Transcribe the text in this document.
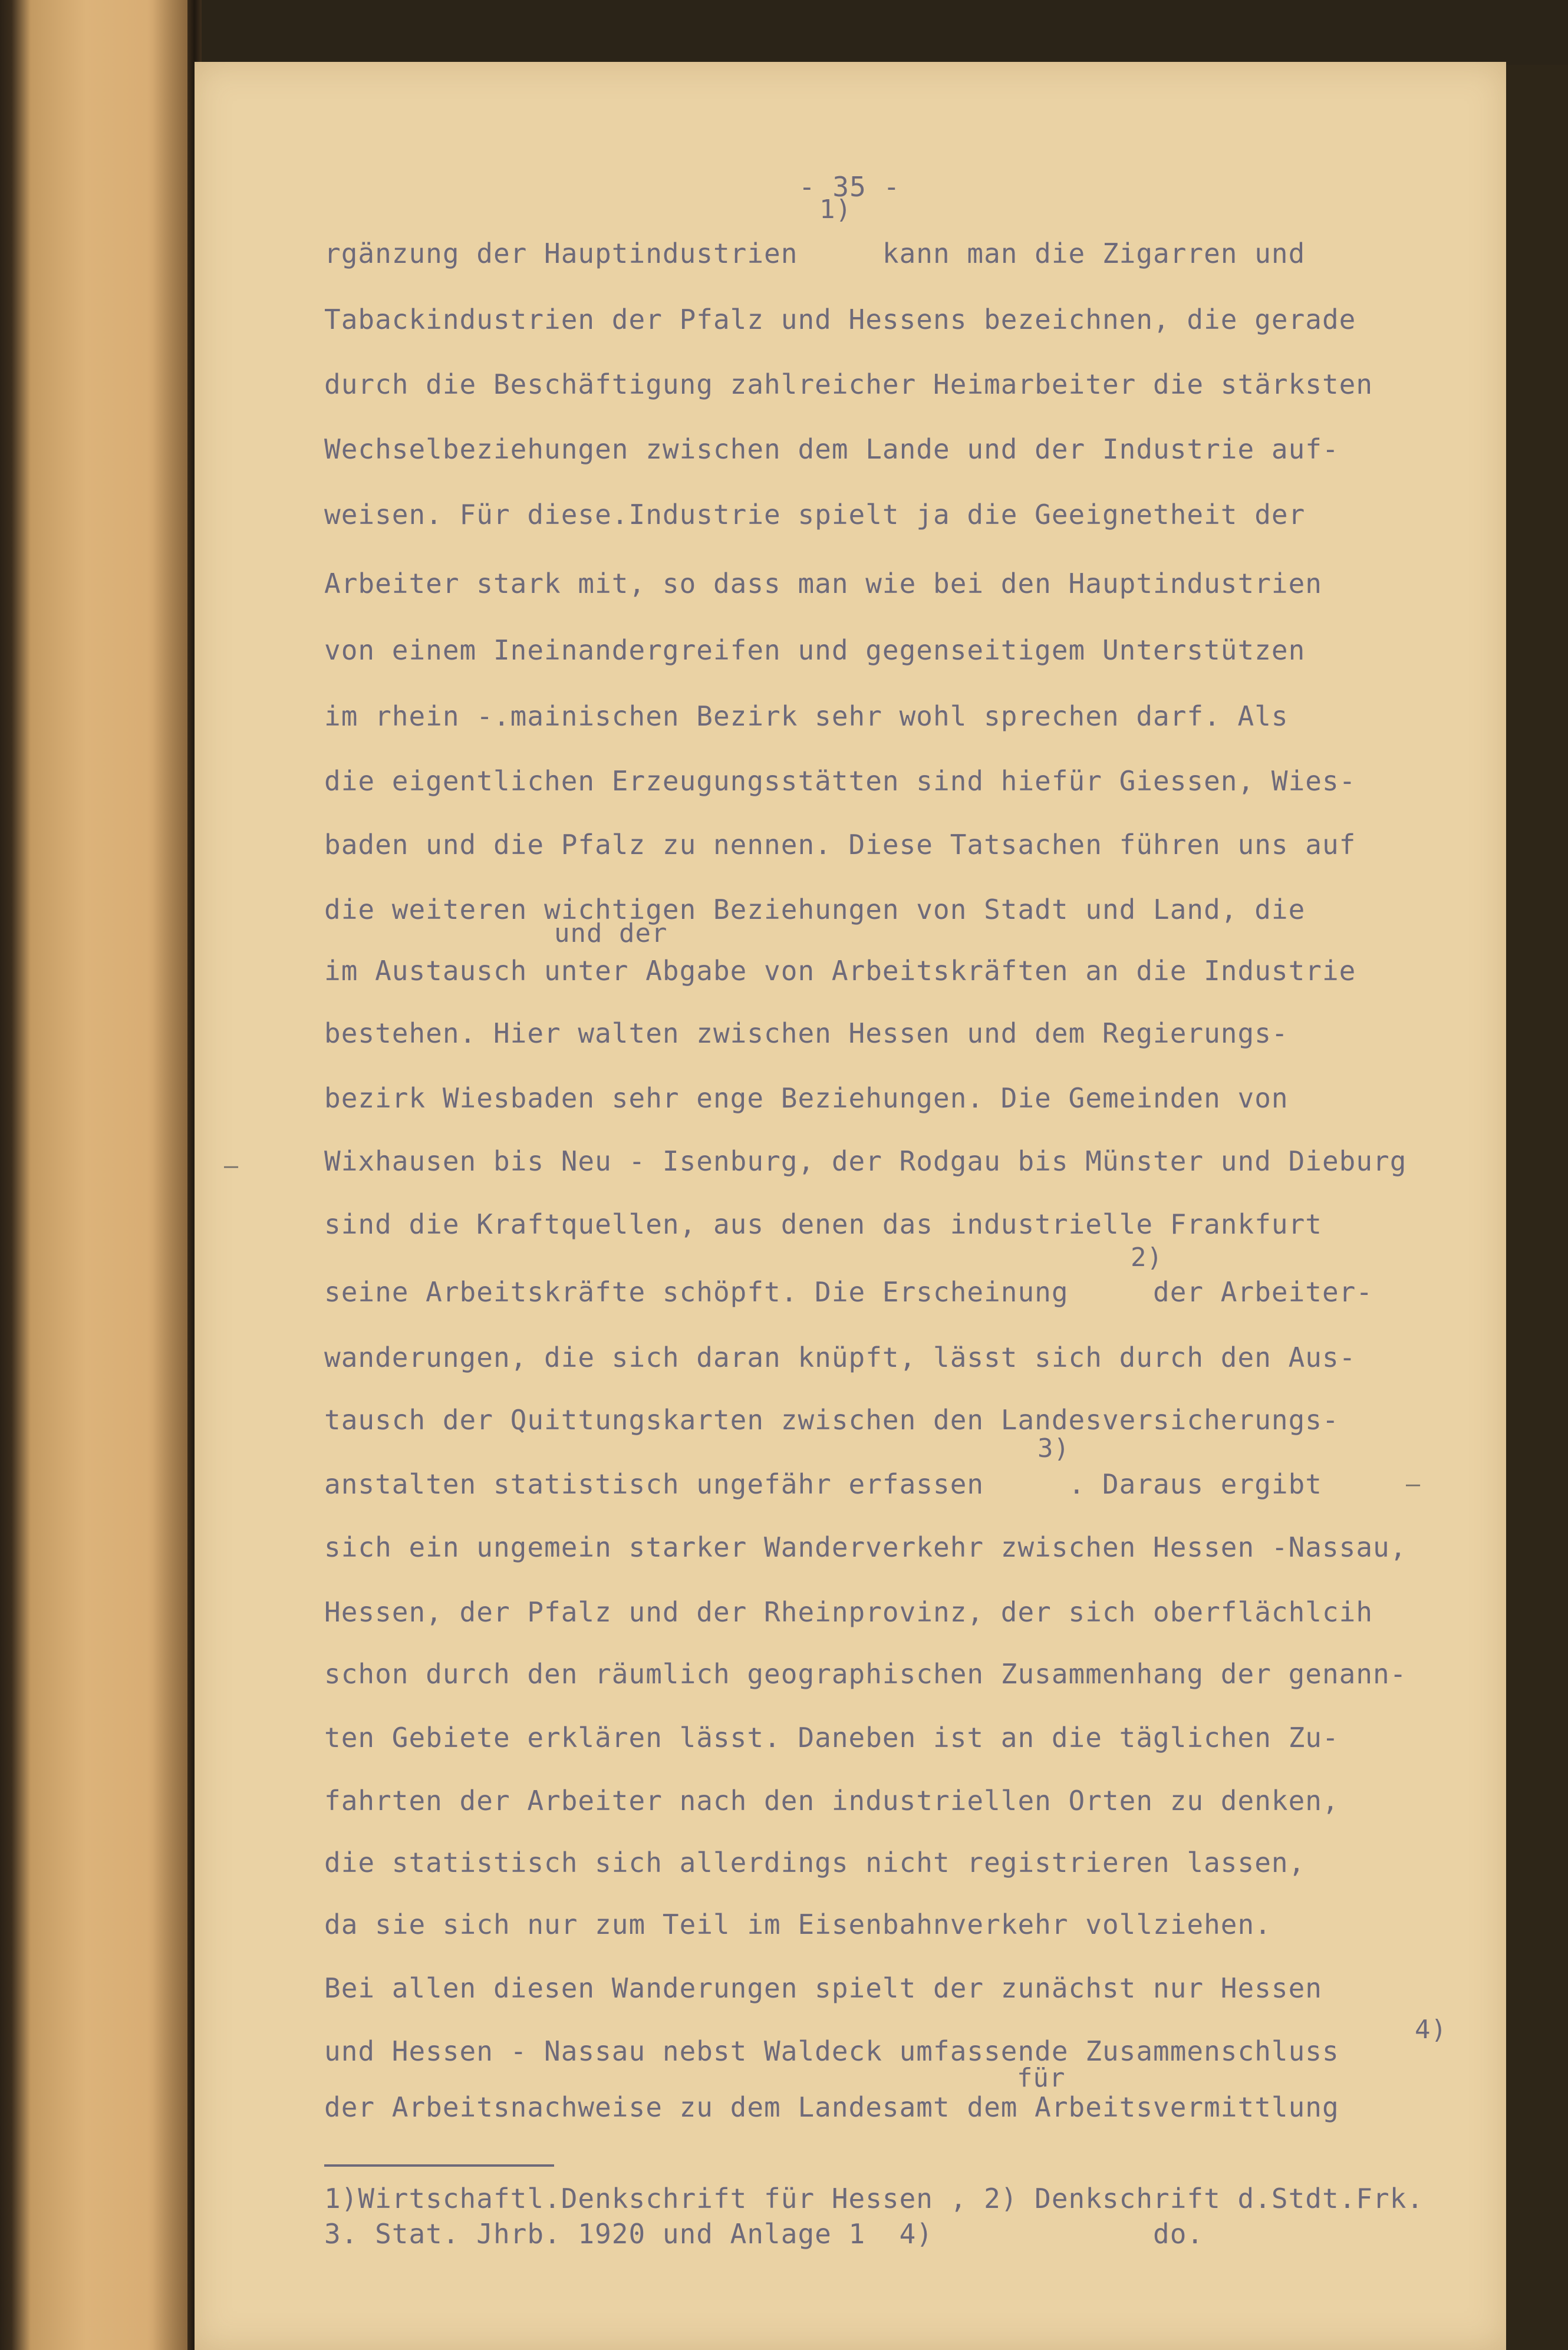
- 35 -
1)
rgänzung der Hauptindustrien     kann man die Zigarren und
Tabackindustrien der Pfalz und Hessens bezeichnen, die gerade
durch die Beschäftigung zahlreicher Heimarbeiter die stärksten
Wechselbeziehungen zwischen dem Lande und der Industrie auf-
weisen. Für diese.Industrie spielt ja die Geeignetheit der
Arbeiter stark mit, so dass man wie bei den Hauptindustrien
von einem Ineinandergreifen und gegenseitigem Unterstützen
im rhein -.mainischen Bezirk sehr wohl sprechen darf. Als
die eigentlichen Erzeugungsstätten sind hiefür Giessen, Wies-
baden und die Pfalz zu nennen. Diese Tatsachen führen uns auf
die weiteren wichtigen Beziehungen von Stadt und Land, die
und der
im Austausch unter Abgabe von Arbeitskräften an die Industrie
bestehen. Hier walten zwischen Hessen und dem Regierungs-
bezirk Wiesbaden sehr enge Beziehungen. Die Gemeinden von
Wixhausen bis Neu - Isenburg, der Rodgau bis Münster und Dieburg
sind die Kraftquellen, aus denen das industrielle Frankfurt
2)
seine Arbeitskräfte schöpft. Die Erscheinung     der Arbeiter-
wanderungen, die sich daran knüpft, lässt sich durch den Aus-
tausch der Quittungskarten zwischen den Landesversicherungs-
3)
anstalten statistisch ungefähr erfassen     . Daraus ergibt
sich ein ungemein starker Wanderverkehr zwischen Hessen -Nassau,
Hessen, der Pfalz und der Rheinprovinz, der sich oberflächlcih
schon durch den räumlich geographischen Zusammenhang der genann-
ten Gebiete erklären lässt. Daneben ist an die täglichen Zu-
fahrten der Arbeiter nach den industriellen Orten zu denken,
die statistisch sich allerdings nicht registrieren lassen,
da sie sich nur zum Teil im Eisenbahnverkehr vollziehen.
Bei allen diesen Wanderungen spielt der zunächst nur Hessen
4)
und Hessen - Nassau nebst Waldeck umfassende Zusammenschluss
für
der Arbeitsnachweise zu dem Landesamt dem Arbeitsvermittlung
1)Wirtschaftl.Denkschrift für Hessen , 2) Denkschrift d.Stdt.Frk.
3. Stat. Jhrb. 1920 und Anlage 1  4)             do.
–
–
